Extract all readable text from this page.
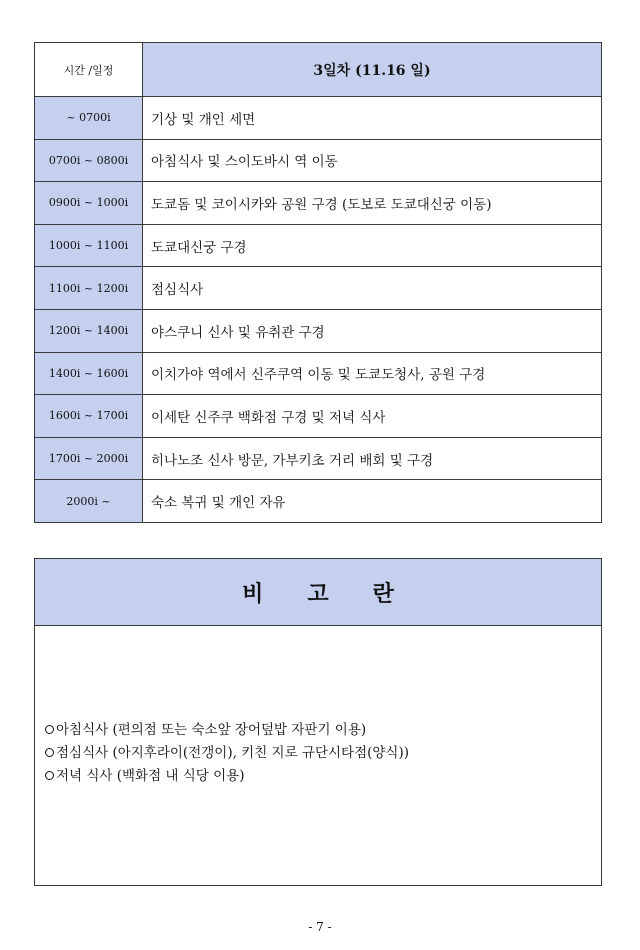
시간 /일정	3일차 (11.16 일)
~ 0700i	기상 및 개인 세면
0700i ~ 0800i	아침식사 및 스이도바시 역 이동
0900i ~ 1000i	도쿄돔 및 코이시카와 공원 구경 (도보로 도쿄대신궁 이동)
1000i ~ 1100i	도쿄대신궁 구경
1100i ~ 1200i	점심식사
1200i ~ 1400i	야스쿠니 신사 및 유취관 구경
1400i ~ 1600i	이치가야 역에서 신주쿠역 이동 및 도쿄도청사, 공원 구경
1600i ~ 1700i	이세탄 신주쿠 백화점 구경 및 저녁 식사
1700i ~ 2000i	히나노조 신사 방문, 가부키초 거리 배회 및 구경
2000i ~	숙소 복귀 및 개인 자유
비고란
아침식사 (편의점 또는 숙소앞 장어덮밥 자판기 이용)
점심식사 (아지후라이(전갱이), 키친 지로 규단시타점(양식))
저녁 식사 (백화점 내 식당 이용)
- 7 -
